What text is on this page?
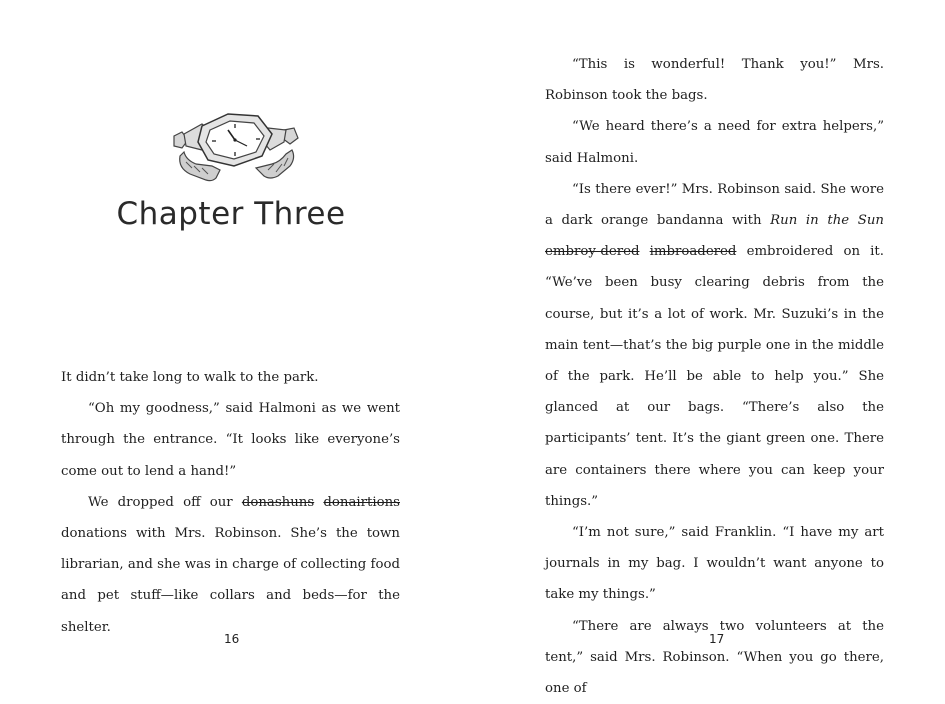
Chapter Three

It didn’t take long to walk to the park.

“Oh my goodness,” said Halmoni as we went through the entrance. “It looks like everyone’s come out to lend a hand!”

We dropped off our donashuns donairtions donations with Mrs. Robinson. She’s the town librarian, and she was in charge of collecting food and pet stuff—like collars and beds—for the shelter.

16

“This is wonderful! Thank you!” Mrs. Robinson took the bags.

“We heard there’s a need for extra helpers,” said Halmoni.

“Is there ever!” Mrs. Robinson said. She wore a dark orange bandanna with Run in the Sun embroy-dered imbroadered embroidered on it. “We’ve been busy clearing debris from the course, but it’s a lot of work. Mr. Suzuki’s in the main tent—that’s the big purple one in the middle of the park. He’ll be able to help you.” She glanced at our bags. “There’s also the participants’ tent. It’s the giant green one. There are containers there where you can keep your things.”

“I’m not sure,” said Franklin. “I have my art journals in my bag. I wouldn’t want anyone to take my things.”

“There are always two volunteers at the tent,” said Mrs. Robinson. “When you go there, one of

17
